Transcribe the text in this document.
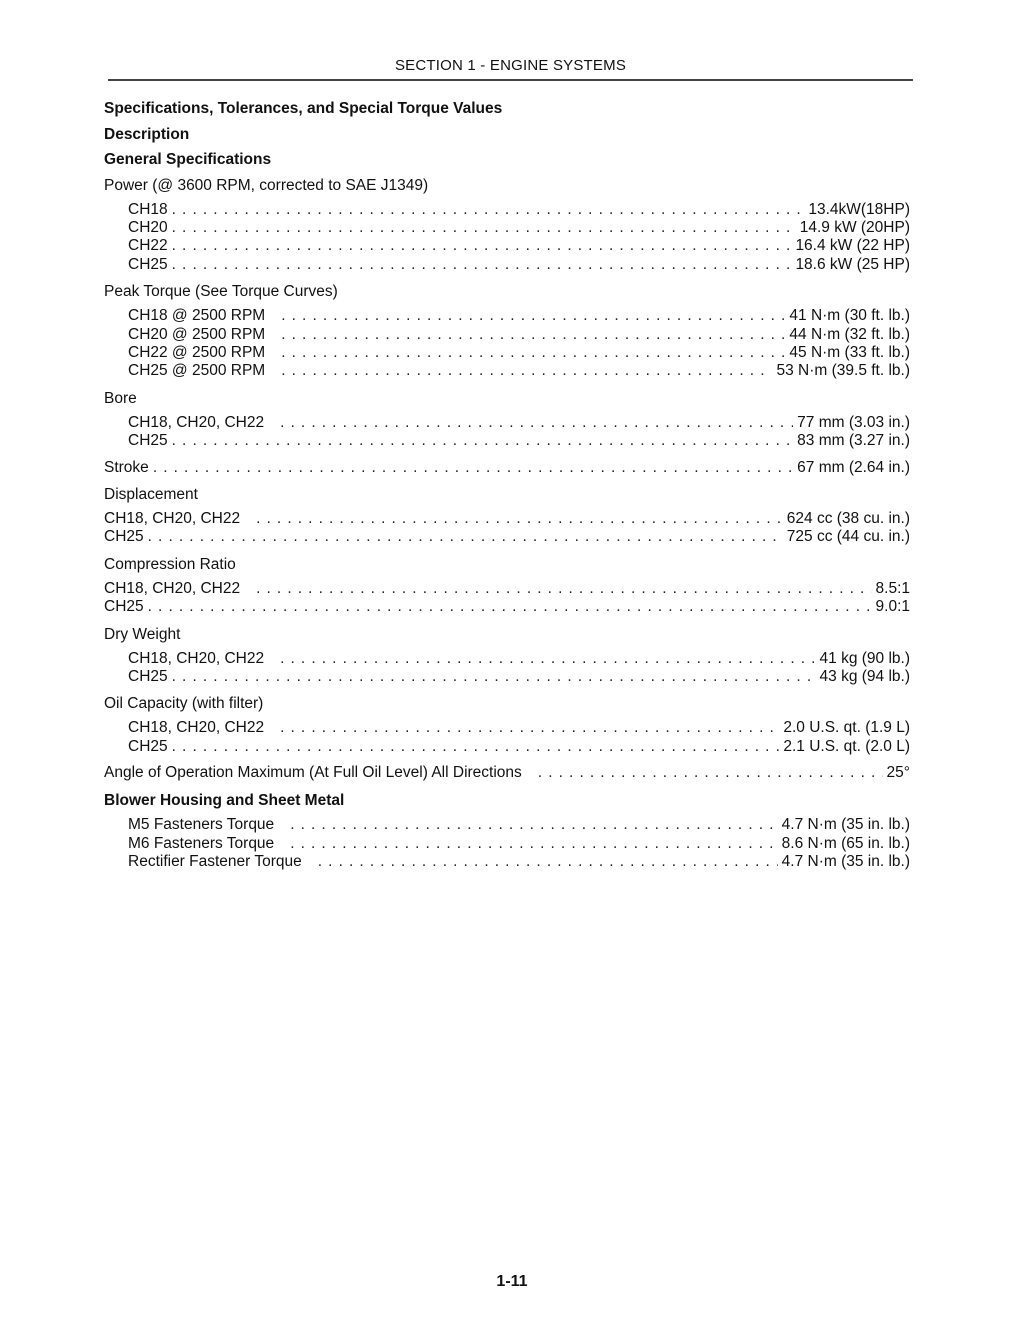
SECTION 1 - ENGINE SYSTEMS
Specifications, Tolerances, and Special Torque Values
Description
General Specifications
Power (@ 3600 RPM, corrected to SAE J1349)
CH18 . . .	13.4kW(18HP)
CH20 . . .	14.9 kW (20HP)
CH22 . . .	16.4 kW (22 HP)
CH25 . . .	18.6 kW (25 HP)
Peak Torque (See Torque Curves)
CH18 @ 2500 RPM . . .	41 N·m (30 ft. lb.)
CH20 @ 2500 RPM . . .	44 N·m (32 ft. lb.)
CH22 @ 2500 RPM . . .	45 N·m (33 ft. lb.)
CH25 @ 2500 RPM . . .	53 N·m (39.5 ft. lb.)
Bore
CH18, CH20, CH22 . . .	77 mm (3.03 in.)
CH25 . . .	83 mm (3.27 in.)
Stroke . . .	67 mm (2.64 in.)
Displacement
CH18, CH20, CH22 . . .	624 cc (38 cu. in.)
CH25 . . .	725 cc (44 cu. in.)
Compression Ratio
CH18, CH20, CH22 . . .	8.5:1
CH25 . . .	9.0:1
Dry Weight
CH18, CH20, CH22 . . .	41 kg (90 lb.)
CH25 . . .	43 kg (94 lb.)
Oil Capacity (with filter)
CH18, CH20, CH22 . . .	2.0 U.S. qt. (1.9 L)
CH25 . . .	2.1 U.S. qt. (2.0 L)
Angle of Operation Maximum (At Full Oil Level) All Directions . . .	25°
Blower Housing and Sheet Metal
M5 Fasteners Torque . . .	4.7 N·m (35 in. lb.)
M6 Fasteners Torque . . .	8.6 N·m (65 in. lb.)
Rectifier Fastener Torque . . .	4.7 N·m (35 in. lb.)
1-11
